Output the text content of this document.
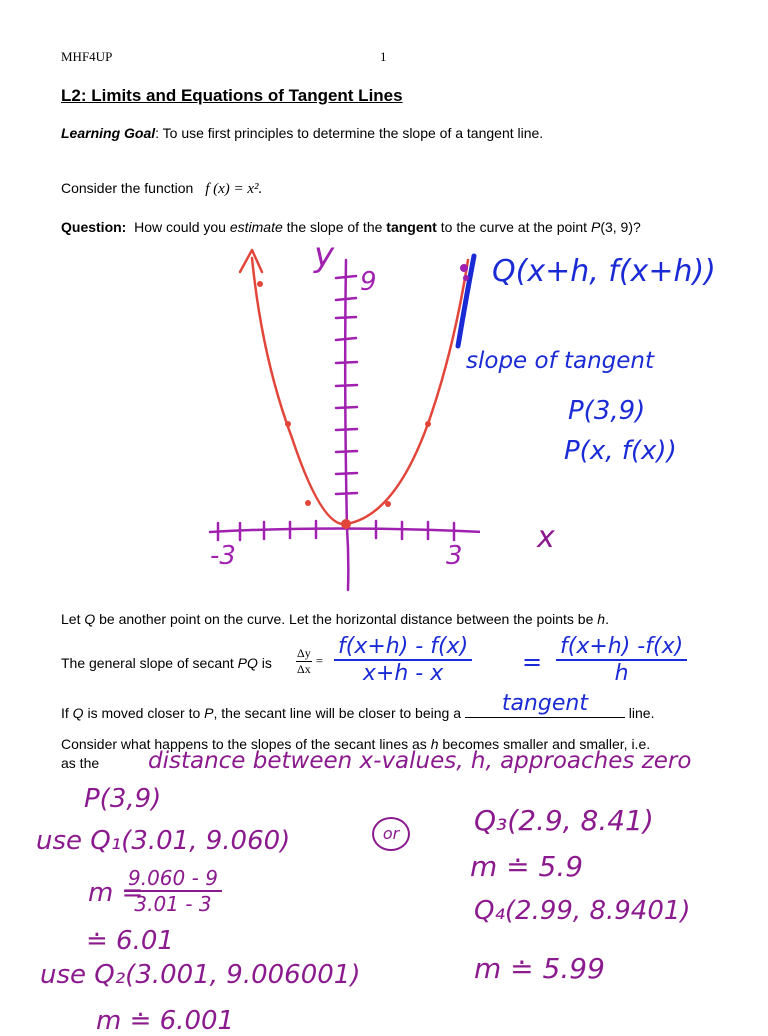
MHF4UP	1
L2: Limits and Equations of Tangent Lines
Learning Goal: To use first principles to determine the slope of a tangent line.
Consider the function f (x) = x².
Question: How could you estimate the slope of the tangent to the curve at the point P(3, 9)?
y
9
-3	3
x
Q(x+h, f(x+h))
slope of tangent
P(3,9)
P(x, f(x))
Let Q be another point on the curve. Let the horizontal distance between the points be h.
The general slope of secant PQ is $\frac{\Delta y}{\Delta x} = \frac{f(x+h) - f(x)}{x+h - x} = \frac{f(x+h) -f(x)}{h}$
If Q is moved closer to P, the secant line will be closer to being a	tangent	line.
Consider what happens to the slopes of the secant lines as h becomes smaller and smaller, i.e.
as the distance between x-values, h, approaches zero
P(3,9)
use Q₁(3.01, 9.060)
m =
$\frac{9.060 - 9}{3.01 - 3}$
≐ 6.01
use Q₂(3.001, 9.006001)
m ≐ 6.001
or	Q₃(2.9, 8.41)
m ≐ 5.9
Q₄(2.99, 8.9401)
m ≐ 5.99
